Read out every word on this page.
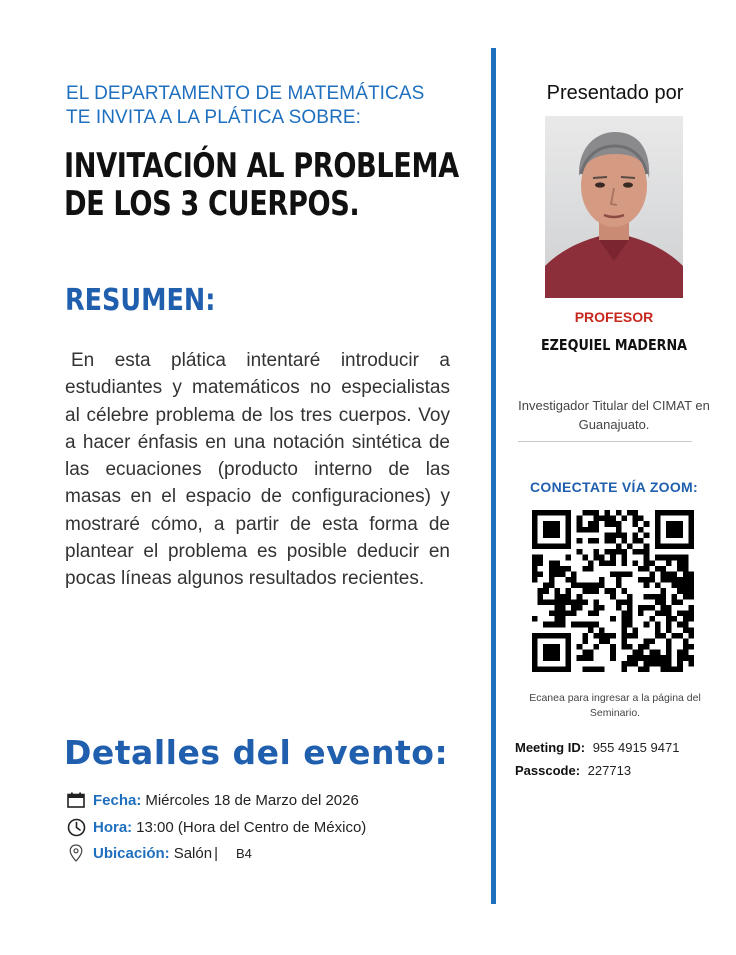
EL DEPARTAMENTO DE MATEMÁTICAS
TE INVITA A LA PLÁTICA SOBRE:
INVITACIÓN AL PROBLEMA
DE LOS 3 CUERPOS.
RESUMEN:
En esta plática intentaré introducir a estudiantes y matemáticos no especialistas al célebre problema de los tres cuerpos. Voy a hacer énfasis en una notación sintética de las ecuaciones (producto interno de las masas en el espacio de configuraciones) y mostraré cómo, a partir de esta forma de plantear el problema es posible deducir en pocas líneas algunos resultados recientes.
Detalles del evento:
Fecha: Miércoles 18 de Marzo del 2026
Hora: 13:00 (Hora del Centro de México)
Ubicación: Salón | B4
Presentado por
PROFESOR
EZEQUIEL MADERNA
Investigador Titular del CIMAT en
Guanajuato.
CONECTATE VÍA ZOOM:
Ecanea para ingresar a la página del
Seminario.
Meeting ID: 955 4915 9471
Passcode: 227713
